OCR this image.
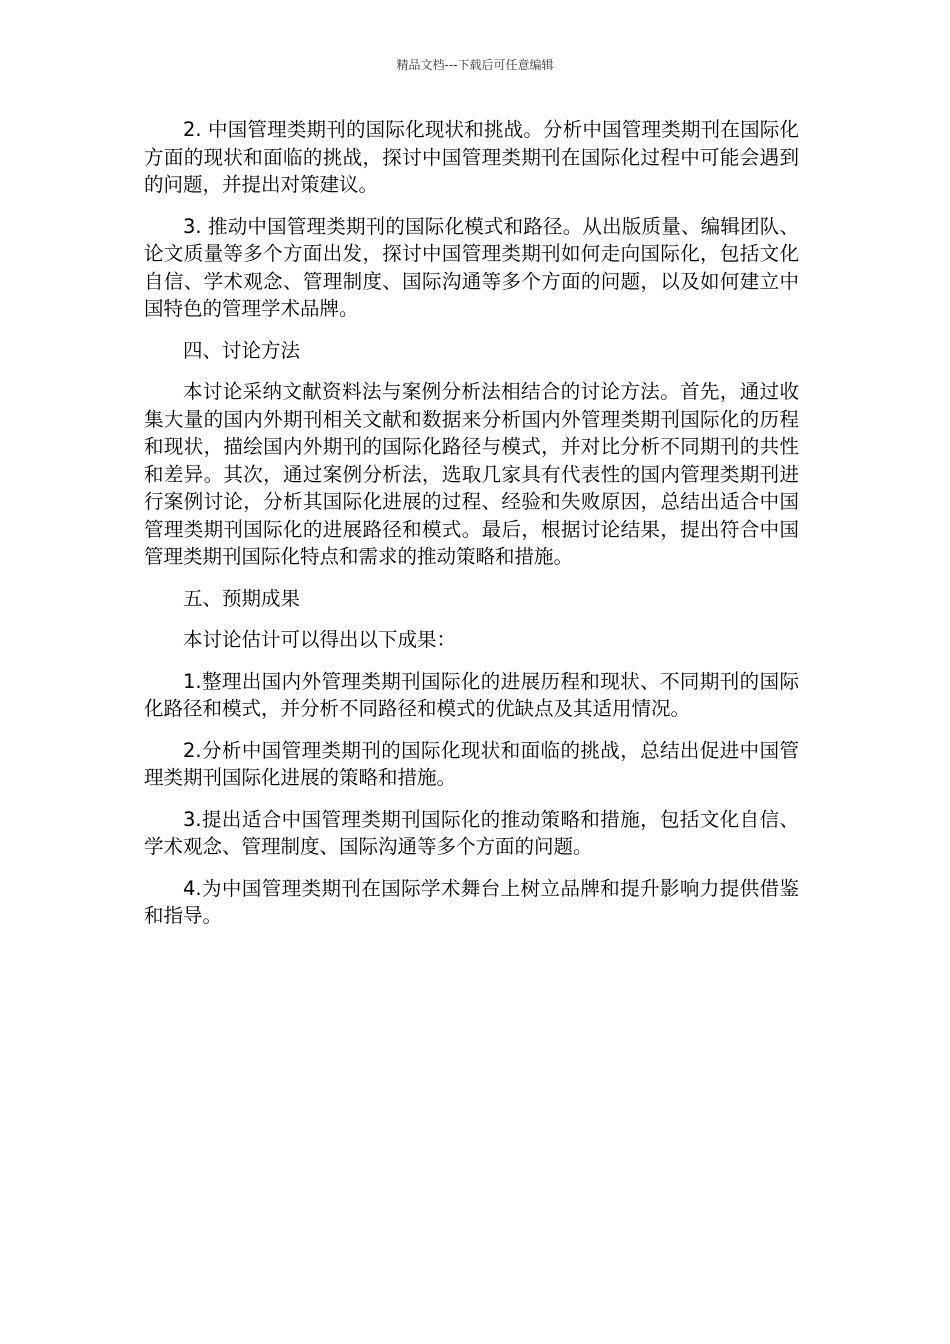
精品文档---下载后可任意编辑

2. 中国管理类期刊的国际化现状和挑战。分析中国管理类期刊在国际化方面的现状和面临的挑战，探讨中国管理类期刊在国际化过程中可能会遇到的问题，并提出对策建议。

3. 推动中国管理类期刊的国际化模式和路径。从出版质量、编辑团队、论文质量等多个方面出发，探讨中国管理类期刊如何走向国际化，包括文化自信、学术观念、管理制度、国际沟通等多个方面的问题，以及如何建立中国特色的管理学术品牌。

四、讨论方法

本讨论采纳文献资料法与案例分析法相结合的讨论方法。首先，通过收集大量的国内外期刊相关文献和数据来分析国内外管理类期刊国际化的历程和现状，描绘国内外期刊的国际化路径与模式，并对比分析不同期刊的共性和差异。其次，通过案例分析法，选取几家具有代表性的国内管理类期刊进行案例讨论，分析其国际化进展的过程、经验和失败原因，总结出适合中国管理类期刊国际化的进展路径和模式。最后，根据讨论结果，提出符合中国管理类期刊国际化特点和需求的推动策略和措施。

五、预期成果

本讨论估计可以得出以下成果：

1.整理出国内外管理类期刊国际化的进展历程和现状、不同期刊的国际化路径和模式，并分析不同路径和模式的优缺点及其适用情况。

2.分析中国管理类期刊的国际化现状和面临的挑战，总结出促进中国管理类期刊国际化进展的策略和措施。

3.提出适合中国管理类期刊国际化的推动策略和措施，包括文化自信、学术观念、管理制度、国际沟通等多个方面的问题。

4.为中国管理类期刊在国际学术舞台上树立品牌和提升影响力提供借鉴和指导。
